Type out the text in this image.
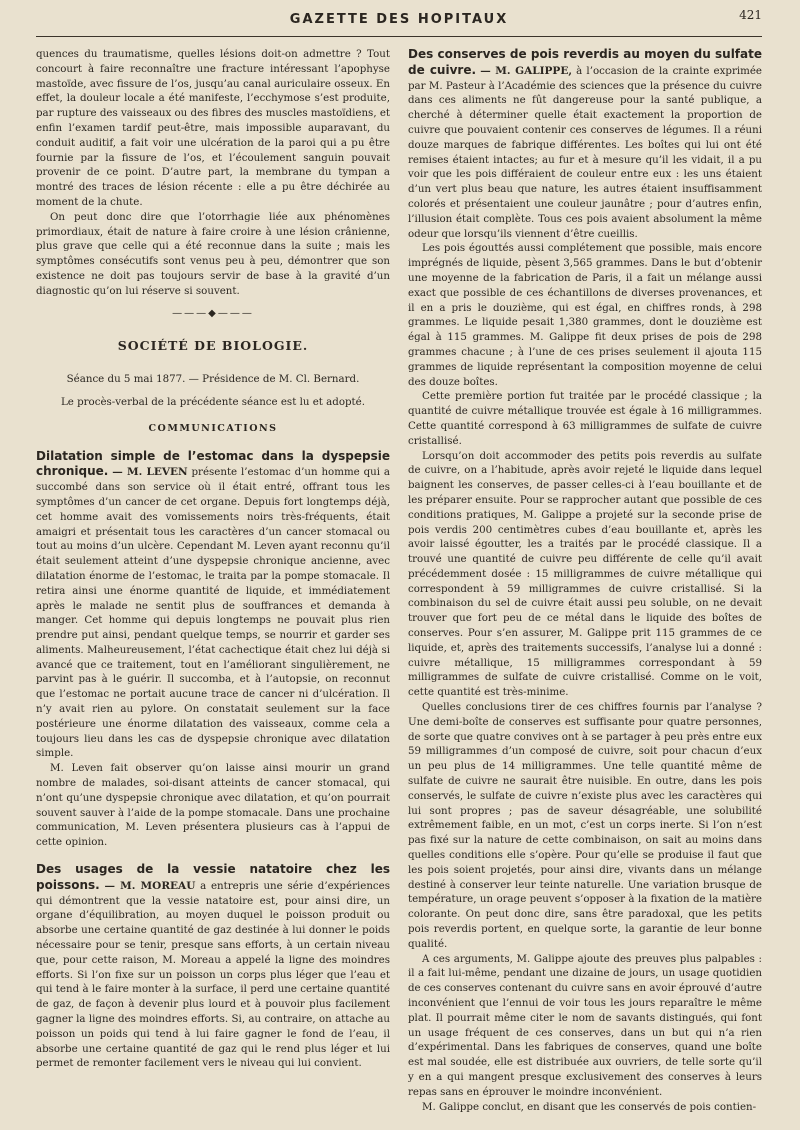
GAZETTE DES HOPITAUX	421

quences du traumatisme, quelles lésions doit-on admettre ? Tout concourt à faire reconnaître une fracture intéressant l’apophyse mastoïde, avec fissure de l’os, jusqu’au canal auriculaire osseux. En effet, la douleur locale a été manifeste, l’ecchymose s’est produite, par rupture des vaisseaux ou des fibres des muscles mastoïdiens, et enfin l’examen tardif peut-être, mais impossible auparavant, du conduit auditif, a fait voir une ulcération de la paroi qui a pu être fournie par la fissure de l’os, et l’écoulement sanguin pouvait provenir de ce point. D’autre part, la membrane du tympan a montré des traces de lésion récente : elle a pu être déchirée au moment de la chute.

On peut donc dire que l’otorrhagie liée aux phénomènes primordiaux, était de nature à faire croire à une lésion crânienne, plus grave que celle qui a été reconnue dans la suite ; mais les symptômes consécutifs sont venus peu à peu, démontrer que son existence ne doit pas toujours servir de base à la gravité d’un diagnostic qu’on lui réserve si souvent.

———◆———
SOCIÉTÉ DE BIOLOGIE.
Séance du 5 mai 1877. — Présidence de M. Cl. Bernard.
Le procès-verbal de la précédente séance est lu et adopté.
COMMUNICATIONS

Dilatation simple de l’estomac dans la dyspepsie chronique. — M. LEVEN présente l’estomac d’un homme qui a succombé dans son service où il était entré, offrant tous les symptômes d’un cancer de cet organe. Depuis fort longtemps déjà, cet homme avait des vomissements noirs très-fréquents, était amaigri et présentait tous les caractères d’un cancer stomacal ou tout au moins d’un ulcère. Cependant M. Leven ayant reconnu qu’il était seulement atteint d’une dyspepsie chronique ancienne, avec dilatation énorme de l’estomac, le traita par la pompe stomacale. Il retira ainsi une énorme quantité de liquide, et immédiatement après le malade ne sentit plus de souffrances et demanda à manger. Cet homme qui depuis longtemps ne pouvait plus rien prendre put ainsi, pendant quelque temps, se nourrir et garder ses aliments. Malheureusement, l’état cachectique était chez lui déjà si avancé que ce traitement, tout en l’améliorant singulièrement, ne parvint pas à le guérir. Il succomba, et à l’autopsie, on reconnut que l’estomac ne portait aucune trace de cancer ni d’ulcération. Il n’y avait rien au pylore. On constatait seulement sur la face postérieure une énorme dilatation des vaisseaux, comme cela a toujours lieu dans les cas de dyspepsie chronique avec dilatation simple.

M. Leven fait observer qu’on laisse ainsi mourir un grand nombre de malades, soi-disant atteints de cancer stomacal, qui n’ont qu’une dyspepsie chronique avec dilatation, et qu’on pourrait souvent sauver à l’aide de la pompe stomacale. Dans une prochaine communication, M. Leven présentera plusieurs cas à l’appui de cette opinion.

Des usages de la vessie natatoire chez les poissons. — M. MOREAU a entrepris une série d’expériences qui démontrent que la vessie natatoire est, pour ainsi dire, un organe d’équilibration, au moyen duquel le poisson produit ou absorbe une certaine quantité de gaz destinée à lui donner le poids nécessaire pour se tenir, presque sans efforts, à un certain niveau que, pour cette raison, M. Moreau a appelé la ligne des moindres efforts. Si l’on fixe sur un poisson un corps plus léger que l’eau et qui tend à le faire monter à la surface, il perd une certaine quantité de gaz, de façon à devenir plus lourd et à pouvoir plus facilement gagner la ligne des moindres efforts. Si, au contraire, on attache au poisson un poids qui tend à lui faire gagner le fond de l’eau, il absorbe une certaine quantité de gaz qui le rend plus léger et lui permet de remonter facilement vers le niveau qui lui convient.

Des conserves de pois reverdis au moyen du sulfate de cuivre. — M. GALIPPE, à l’occasion de la crainte exprimée par M. Pasteur à l’Académie des sciences que la présence du cuivre dans ces aliments ne fût dangereuse pour la santé publique, a cherché à déterminer quelle était exactement la proportion de cuivre que pouvaient contenir ces conserves de légumes. Il a réuni douze marques de fabrique différentes. Les boîtes qui lui ont été remises étaient intactes; au fur et à mesure qu’il les vidait, il a pu voir que les pois différaient de couleur entre eux : les uns étaient d’un vert plus beau que nature, les autres étaient insuffisamment colorés et présentaient une couleur jaunâtre ; pour d’autres enfin, l’illusion était complète. Tous ces pois avaient absolument la même odeur que lorsqu’ils viennent d’être cueillis.

Les pois égouttés aussi complétement que possible, mais encore imprégnés de liquide, pèsent 3,565 grammes. Dans le but d’obtenir une moyenne de la fabrication de Paris, il a fait un mélange aussi exact que possible de ces échantillons de diverses provenances, et il en a pris le douzième, qui est égal, en chiffres ronds, à 298 grammes. Le liquide pesait 1,380 grammes, dont le douzième est égal à 115 grammes. M. Galippe fit deux prises de pois de 298 grammes chacune ; à l’une de ces prises seulement il ajouta 115 grammes de liquide représentant la composition moyenne de celui des douze boîtes.

Cette première portion fut traitée par le procédé classique ; la quantité de cuivre métallique trouvée est égale à 16 milligrammes. Cette quantité correspond à 63 milligrammes de sulfate de cuivre cristallisé.

Lorsqu’on doit accommoder des petits pois reverdis au sulfate de cuivre, on a l’habitude, après avoir rejeté le liquide dans lequel baignent les conserves, de passer celles-ci à l’eau bouillante et de les préparer ensuite. Pour se rapprocher autant que possible de ces conditions pratiques, M. Galippe a projeté sur la seconde prise de pois verdis 200 centimètres cubes d’eau bouillante et, après les avoir laissé égoutter, les a traités par le procédé classique. Il a trouvé une quantité de cuivre peu différente de celle qu’il avait précédemment dosée : 15 milligrammes de cuivre métallique qui correspondent à 59 milligrammes de cuivre cristallisé. Si la combinaison du sel de cuivre était aussi peu soluble, on ne devait trouver que fort peu de ce métal dans le liquide des boîtes de conserves. Pour s’en assurer, M. Galippe prit 115 grammes de ce liquide, et, après des traitements successifs, l’analyse lui a donné : cuivre métallique, 15 milligrammes correspondant à 59 milligrammes de sulfate de cuivre cristallisé. Comme on le voit, cette quantité est très-minime.

Quelles conclusions tirer de ces chiffres fournis par l’analyse ? Une demi-boîte de conserves est suffisante pour quatre personnes, de sorte que quatre convives ont à se partager à peu près entre eux 59 milligrammes d’un composé de cuivre, soit pour chacun d’eux un peu plus de 14 milligrammes. Une telle quantité même de sulfate de cuivre ne saurait être nuisible. En outre, dans les pois conservés, le sulfate de cuivre n’existe plus avec les caractères qui lui sont propres ; pas de saveur désagréable, une solubilité extrêmement faible, en un mot, c’est un corps inerte. Si l’on n’est pas fixé sur la nature de cette combinaison, on sait au moins dans quelles conditions elle s’opère. Pour qu’elle se produise il faut que les pois soient projetés, pour ainsi dire, vivants dans un mélange destiné à conserver leur teinte naturelle. Une variation brusque de température, un orage peuvent s’opposer à la fixation de la matière colorante. On peut donc dire, sans être paradoxal, que les petits pois reverdis portent, en quelque sorte, la garantie de leur bonne qualité.

A ces arguments, M. Galippe ajoute des preuves plus palpables : il a fait lui-même, pendant une dizaine de jours, un usage quotidien de ces conserves contenant du cuivre sans en avoir éprouvé d’autre inconvénient que l’ennui de voir tous les jours reparaître le même plat. Il pourrait même citer le nom de savants distingués, qui font un usage fréquent de ces conserves, dans un but qui n’a rien d’expérimental. Dans les fabriques de conserves, quand une boîte est mal soudée, elle est distribuée aux ouvriers, de telle sorte qu’il y en a qui mangent presque exclusivement des conserves à leurs repas sans en éprouver le moindre inconvénient.

M. Galippe conclut, en disant que les conservés de pois contien-
